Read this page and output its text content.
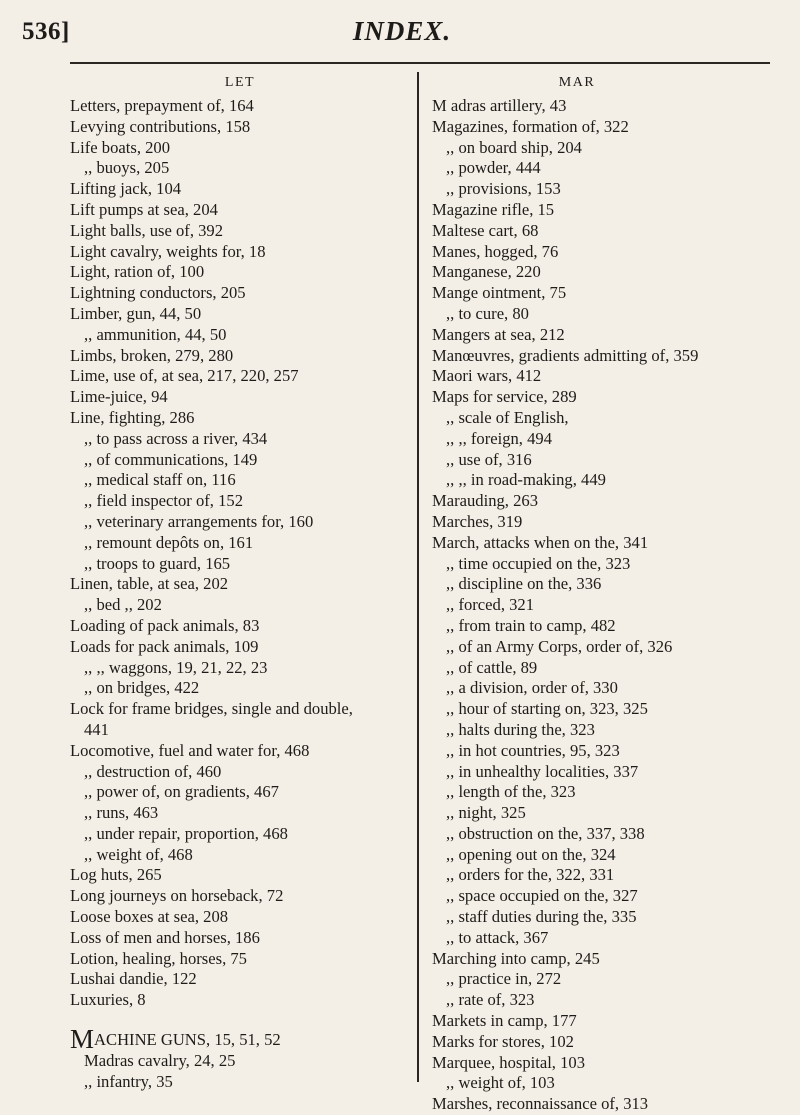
536]	INDEX.
LET
Letters, prepayment of, 164
Levying contributions, 158
Life boats, 200
,, buoys, 205
Lifting jack, 104
Lift pumps at sea, 204
Light balls, use of, 392
Light cavalry, weights for, 18
Light, ration of, 100
Lightning conductors, 205
Limber, gun, 44, 50
,, ammunition, 44, 50
Limbs, broken, 279, 280
Lime, use of, at sea, 217, 220, 257
Lime-juice, 94
Line, fighting, 286
,, to pass across a river, 434
,, of communications, 149
,, medical staff on, 116
,, field inspector of, 152
,, veterinary arrangements for, 160
,, remount depôts on, 161
,, troops to guard, 165
Linen, table, at sea, 202
,, bed ,, 202
Loading of pack animals, 83
Loads for pack animals, 109
,, ,, waggons, 19, 21, 22, 23
,, on bridges, 422
Lock for frame bridges, single and double,
441
Locomotive, fuel and water for, 468
,, destruction of, 460
,, power of, on gradients, 467
,, runs, 463
,, under repair, proportion, 468
,, weight of, 468
Log huts, 265
Long journeys on horseback, 72
Loose boxes at sea, 208
Loss of men and horses, 186
Lotion, healing, horses, 75
Lushai dandie, 122
Luxuries, 8
MACHINE GUNS, 15, 51, 52
Madras cavalry, 24, 25
,, infantry, 35
MAR
M adras artillery, 43
Magazines, formation of, 322
,, on board ship, 204
,, powder, 444
,, provisions, 153
Magazine rifle, 15
Maltese cart, 68
Manes, hogged, 76
Manganese, 220
Mange ointment, 75
,, to cure, 80
Mangers at sea, 212
Manœuvres, gradients admitting of, 359
Maori wars, 412
Maps for service, 289
,, scale of English,
,, ,, foreign, 494
,, use of, 316
,, ,, in road-making, 449
Marauding, 263
Marches, 319
March, attacks when on the, 341
,, time occupied on the, 323
,, discipline on the, 336
,, forced, 321
,, from train to camp, 482
,, of an Army Corps, order of, 326
,, of cattle, 89
,, a division, order of, 330
,, hour of starting on, 323, 325
,, halts during the, 323
,, in hot countries, 95, 323
,, in unhealthy localities, 337
,, length of the, 323
,, night, 325
,, obstruction on the, 337, 338
,, opening out on the, 324
,, orders for the, 322, 331
,, space occupied on the, 327
,, staff duties during the, 335
,, to attack, 367
Marching into camp, 245
,, practice in, 272
,, rate of, 323
Markets in camp, 177
Marks for stores, 102
Marquee, hospital, 103
,, weight of, 103
Marshes, reconnaissance of, 313
